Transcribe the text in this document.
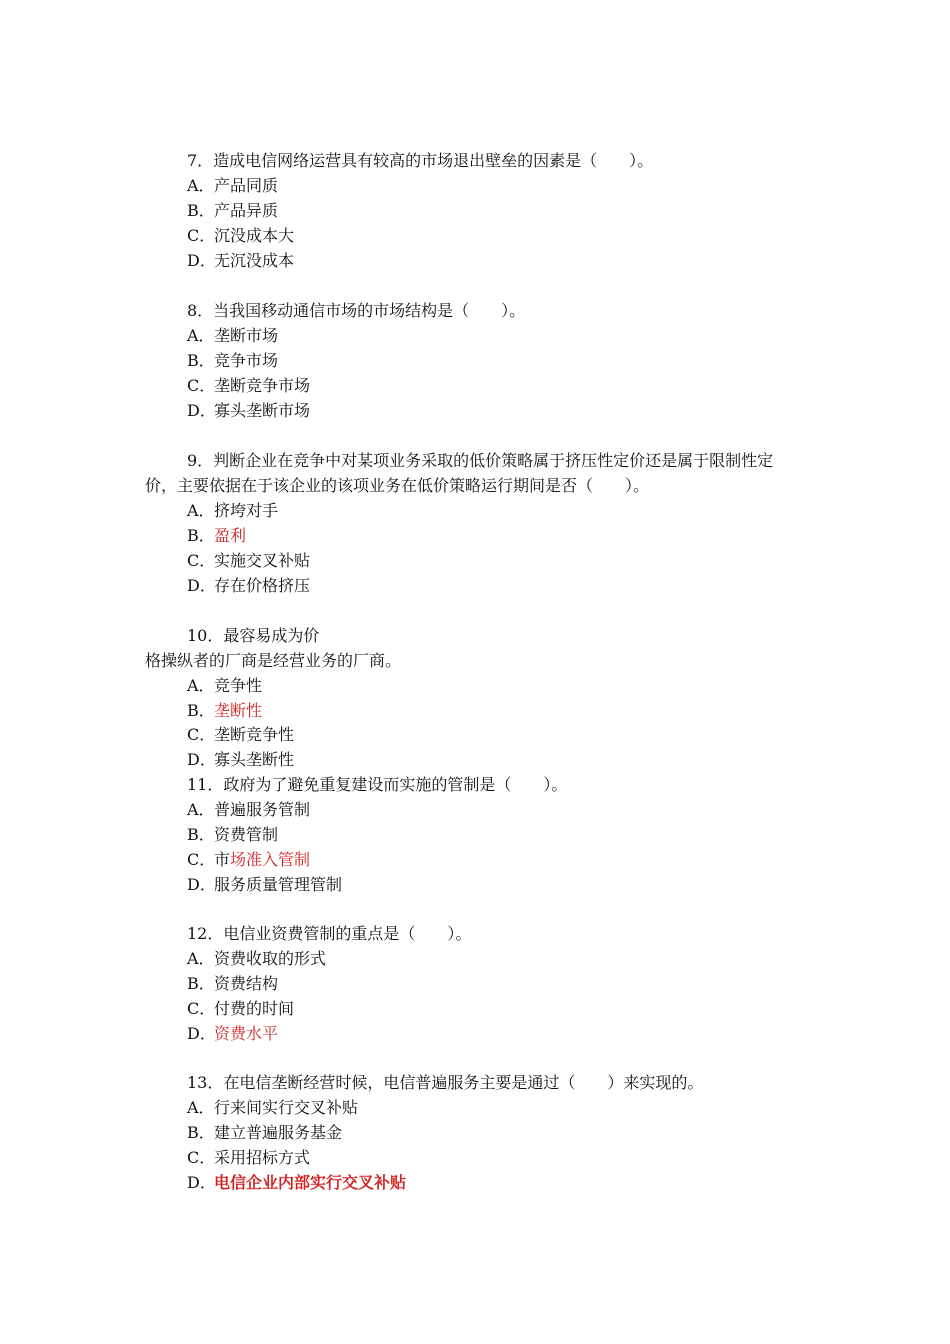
7．造成电信网络运营具有较高的市场退出壁垒的因素是（　　）。
A．产品同质
B．产品异质
C．沉没成本大
D．无沉没成本
8．当我国移动通信市场的市场结构是（　　）。
A．垄断市场
B．竞争市场
C．垄断竞争市场
D．寡头垄断市场
9．判断企业在竞争中对某项业务采取的低价策略属于挤压性定价还是属于限制性定
价，主要依据在于该企业的该项业务在低价策略运行期间是否（　　）。
A．挤垮对手
B．盈利
C．实施交叉补贴
D．存在价格挤压
10．最容易成为价
格操纵者的厂商是经营业务的厂商。
A．竞争性
B．垄断性
C．垄断竞争性
D．寡头垄断性
11．政府为了避免重复建设而实施的管制是（　　）。
A．普遍服务管制
B．资费管制
C．市场准入管制
D．服务质量管理管制
12．电信业资费管制的重点是（　　）。
A．资费收取的形式
B．资费结构
C．付费的时间
D．资费水平
13．在电信垄断经营时候，电信普遍服务主要是通过（　　）来实现的。
A．行来间实行交叉补贴
B．建立普遍服务基金
C．采用招标方式
D．电信企业内部实行交叉补贴
